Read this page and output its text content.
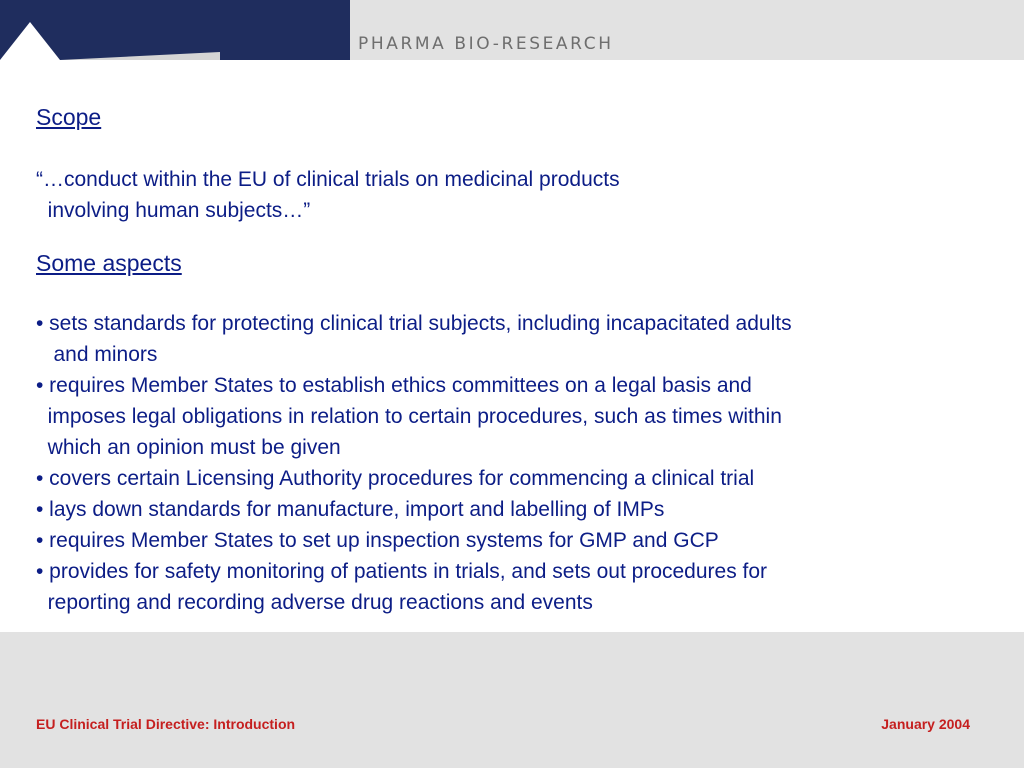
PHARMA BIO-RESEARCH
Scope

“…conduct within the EU of clinical trials on medicinal products

involving human subjects…”

Some aspects
• sets standards for protecting clinical trial subjects, including incapacitated adults
and minors
• requires Member States to establish ethics committees on a legal basis and
imposes legal obligations in relation to certain procedures, such as times within
which an opinion must be given
• covers certain Licensing Authority procedures for commencing a clinical trial
• lays down standards for manufacture, import and labelling of IMPs
• requires Member States to set up inspection systems for GMP and GCP
• provides for safety monitoring of patients in trials, and sets out procedures for
reporting and recording adverse drug reactions and events
EU Clinical Trial Directive: Introduction	January 2004
